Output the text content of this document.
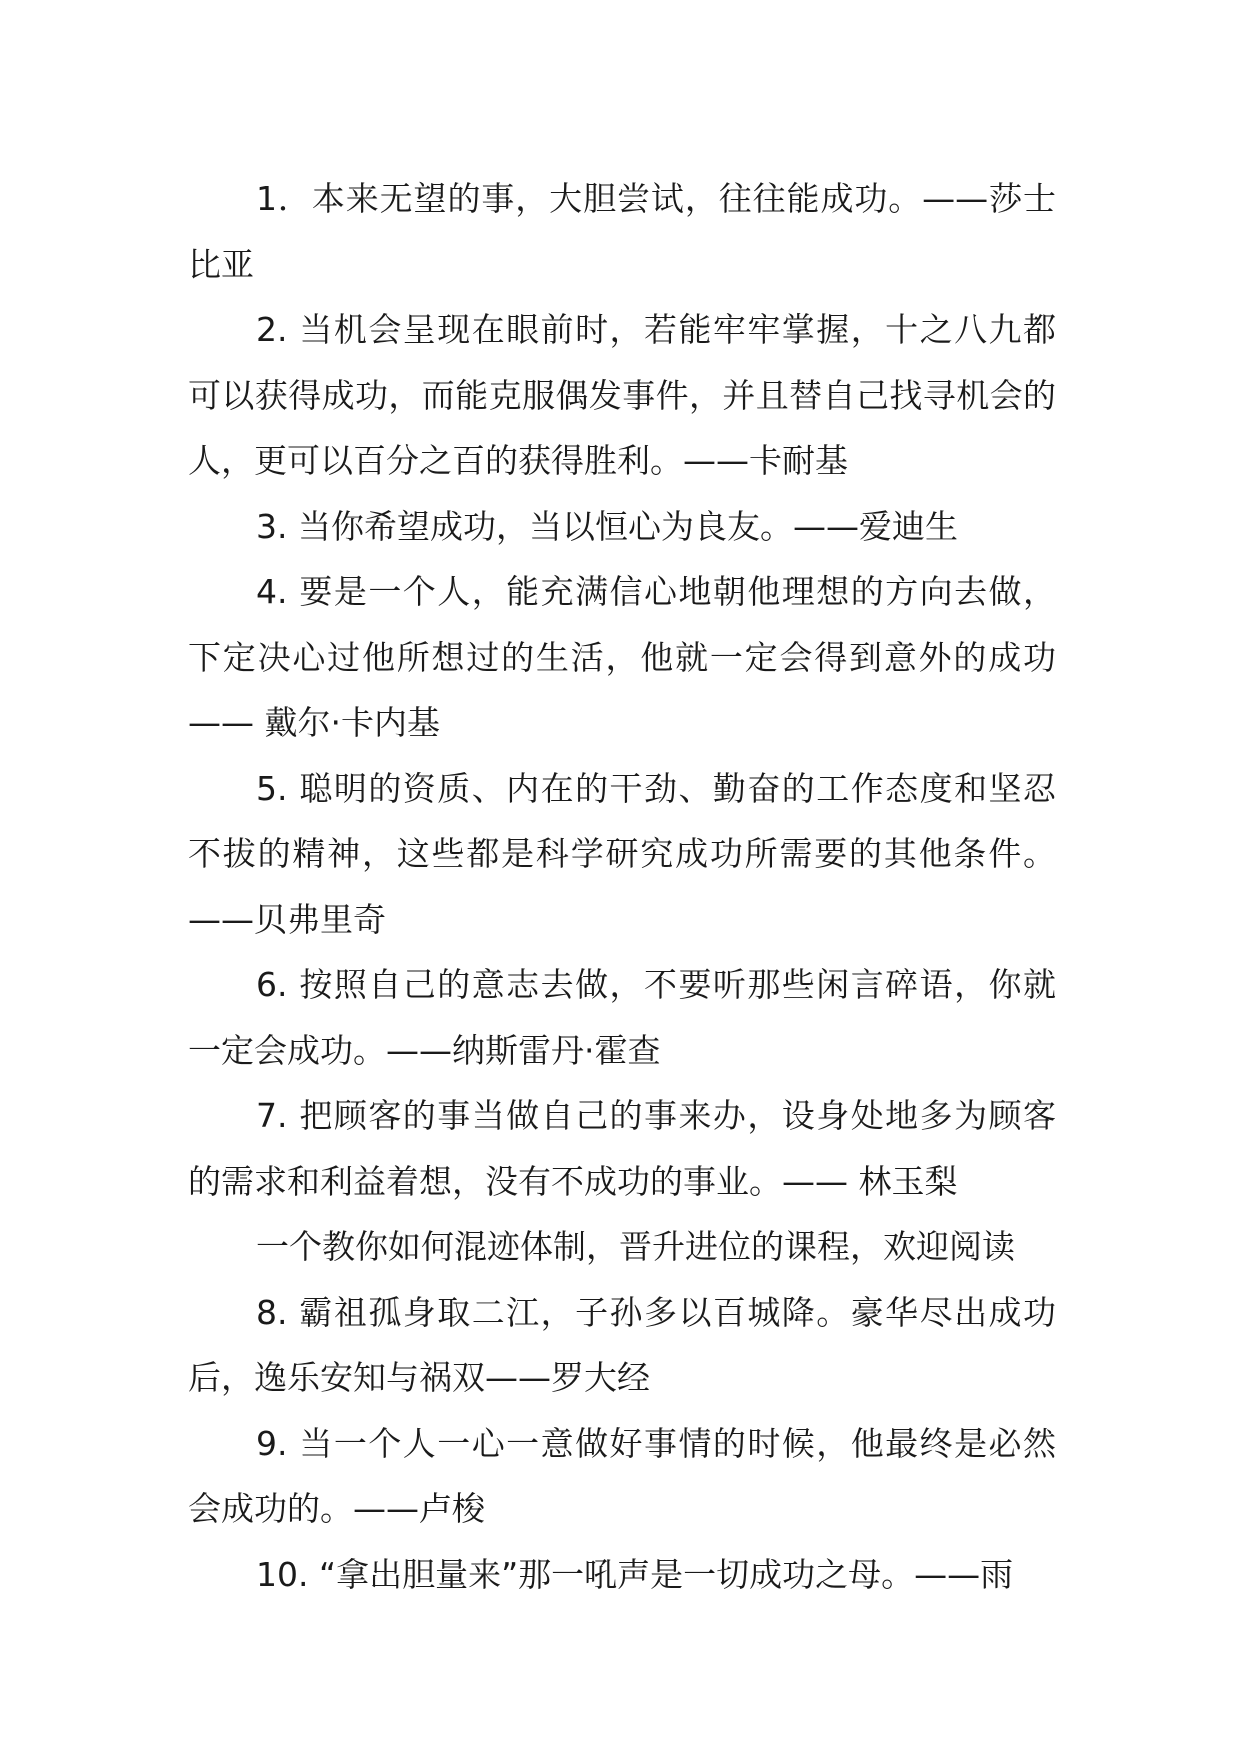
1．本来无望的事，大胆尝试，往往能成功。——莎士比亚

2. 当机会呈现在眼前时，若能牢牢掌握，十之八九都可以获得成功，而能克服偶发事件，并且替自己找寻机会的人，更可以百分之百的获得胜利。——卡耐基

3. 当你希望成功，当以恒心为良友。——爱迪生

4. 要是一个人，能充满信心地朝他理想的方向去做，下定决心过他所想过的生活，他就一定会得到意外的成功—— 戴尔·卡内基

5. 聪明的资质、内在的干劲、勤奋的工作态度和坚忍不拔的精神，这些都是科学研究成功所需要的其他条件。——贝弗里奇

6. 按照自己的意志去做，不要听那些闲言碎语，你就一定会成功。——纳斯雷丹·霍查

7. 把顾客的事当做自己的事来办，设身处地多为顾客的需求和利益着想，没有不成功的事业。—— 林玉梨

一个教你如何混迹体制，晋升进位的课程，欢迎阅读

8. 霸祖孤身取二江，子孙多以百城降。豪华尽出成功后，逸乐安知与祸双——罗大经

9. 当一个人一心一意做好事情的时候，他最终是必然会成功的。——卢梭

10. “拿出胆量来”那一吼声是一切成功之母。——雨
